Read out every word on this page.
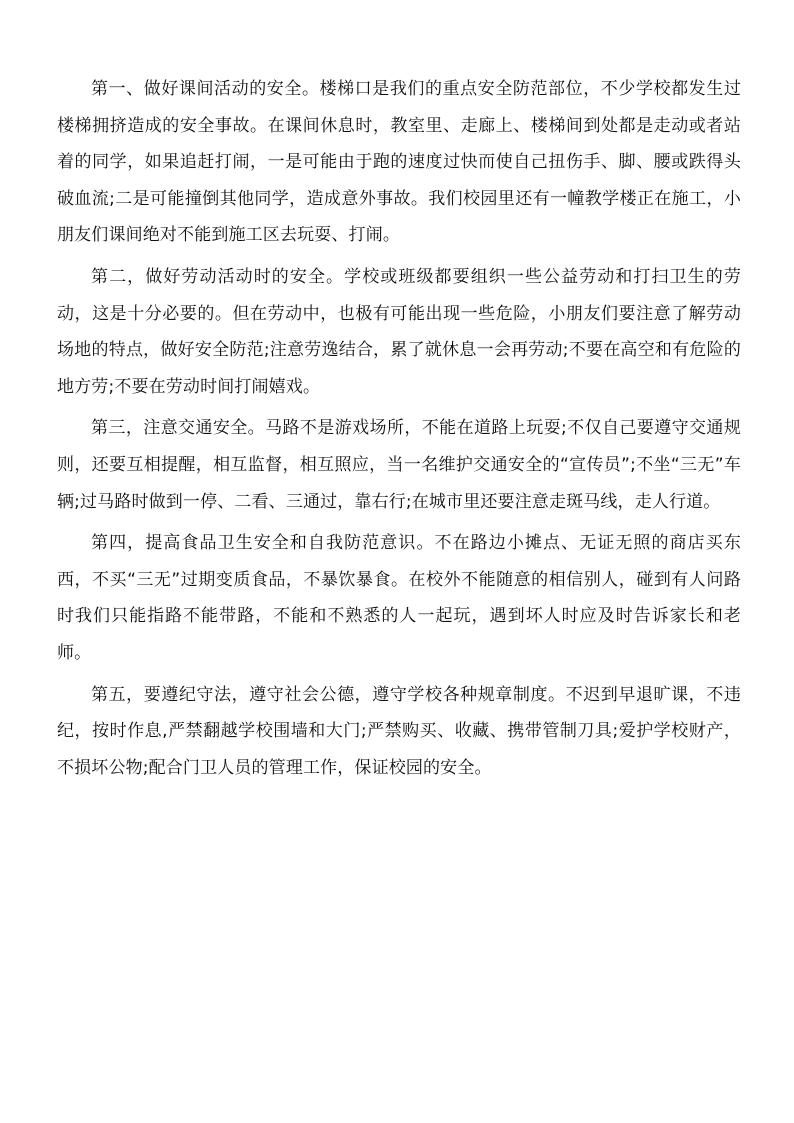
第一、做好课间活动的安全。楼梯口是我们的重点安全防范部位，不少学校都发生过楼梯拥挤造成的安全事故。在课间休息时，教室里、走廊上、楼梯间到处都是走动或者站着的同学，如果追赶打闹，一是可能由于跑的速度过快而使自己扭伤手、脚、腰或跌得头破血流;二是可能撞倒其他同学，造成意外事故。我们校园里还有一幢教学楼正在施工，小朋友们课间绝对不能到施工区去玩耍、打闹。

第二，做好劳动活动时的安全。学校或班级都要组织一些公益劳动和打扫卫生的劳动，这是十分必要的。但在劳动中，也极有可能出现一些危险，小朋友们要注意了解劳动场地的特点，做好安全防范;注意劳逸结合，累了就休息一会再劳动;不要在高空和有危险的地方劳;不要在劳动时间打闹嬉戏。

第三，注意交通安全。马路不是游戏场所，不能在道路上玩耍;不仅自己要遵守交通规则，还要互相提醒，相互监督，相互照应，当一名维护交通安全的“宣传员”;不坐“三无”车辆;过马路时做到一停、二看、三通过，靠右行;在城市里还要注意走斑马线，走人行道。

第四，提高食品卫生安全和自我防范意识。不在路边小摊点、无证无照的商店买东西，不买“三无”过期变质食品，不暴饮暴食。在校外不能随意的相信别人，碰到有人问路时我们只能指路不能带路，不能和不熟悉的人一起玩，遇到坏人时应及时告诉家长和老师。

第五，要遵纪守法，遵守社会公德，遵守学校各种规章制度。不迟到早退旷课，不违纪，按时作息,严禁翻越学校围墙和大门;严禁购买、收藏、携带管制刀具;爱护学校财产，不损坏公物;配合门卫人员的管理工作，保证校园的安全。
